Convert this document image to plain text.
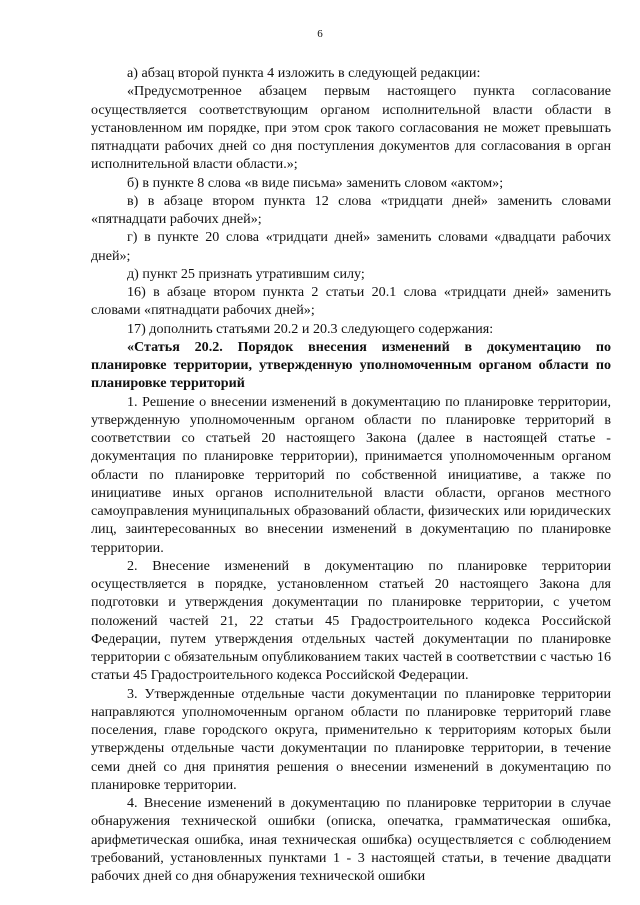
6

а) абзац второй пункта 4 изложить в следующей редакции:

«Предусмотренное абзацем первым настоящего пункта согласование осуществляется соответствующим органом исполнительной власти области в установленном им порядке, при этом срок такого согласования не может превышать пятнадцати рабочих дней со дня поступления документов для согласования в орган исполнительной власти области.»;

б) в пункте 8 слова «в виде письма» заменить словом «актом»;

в) в абзаце втором пункта 12 слова «тридцати дней» заменить словами «пятнадцати рабочих дней»;

г) в пункте 20 слова «тридцати дней» заменить словами «двадцати рабочих дней»;

д) пункт 25 признать утратившим силу;

16) в абзаце втором пункта 2 статьи 20.1 слова «тридцати дней» заменить словами «пятнадцати рабочих дней»;

17) дополнить статьями 20.2 и 20.3 следующего содержания:

«Статья 20.2. Порядок внесения изменений в документацию по планировке территории, утвержденную уполномоченным органом области по планировке территорий

1. Решение о внесении изменений в документацию по планировке территории, утвержденную уполномоченным органом области по планировке территорий в соответствии со статьей 20 настоящего Закона (далее в настоящей статье - документация по планировке территории), принимается уполномоченным органом области по планировке территорий по собственной инициативе, а также по инициативе иных органов исполнительной власти области, органов местного самоуправления муниципальных образований области, физических или юридических лиц, заинтересованных во внесении изменений в документацию по планировке территории.

2. Внесение изменений в документацию по планировке территории осуществляется в порядке, установленном статьей 20 настоящего Закона для подготовки и утверждения документации по планировке территории, с учетом положений частей 21, 22 статьи 45 Градостроительного кодекса Российской Федерации, путем утверждения отдельных частей документации по планировке территории с обязательным опубликованием таких частей в соответствии с частью 16 статьи 45 Градостроительного кодекса Российской Федерации.

3. Утвержденные отдельные части документации по планировке территории направляются уполномоченным органом области по планировке территорий главе поселения, главе городского округа, применительно к территориям которых были утверждены отдельные части документации по планировке территории, в течение семи дней со дня принятия решения о внесении изменений в документацию по планировке территории.

4. Внесение изменений в документацию по планировке территории в случае обнаружения технической ошибки (описка, опечатка, грамматическая ошибка, арифметическая ошибка, иная техническая ошибка) осуществляется с соблюдением требований, установленных пунктами 1 - 3 настоящей статьи, в течение двадцати рабочих дней со дня обнаружения технической ошибки
